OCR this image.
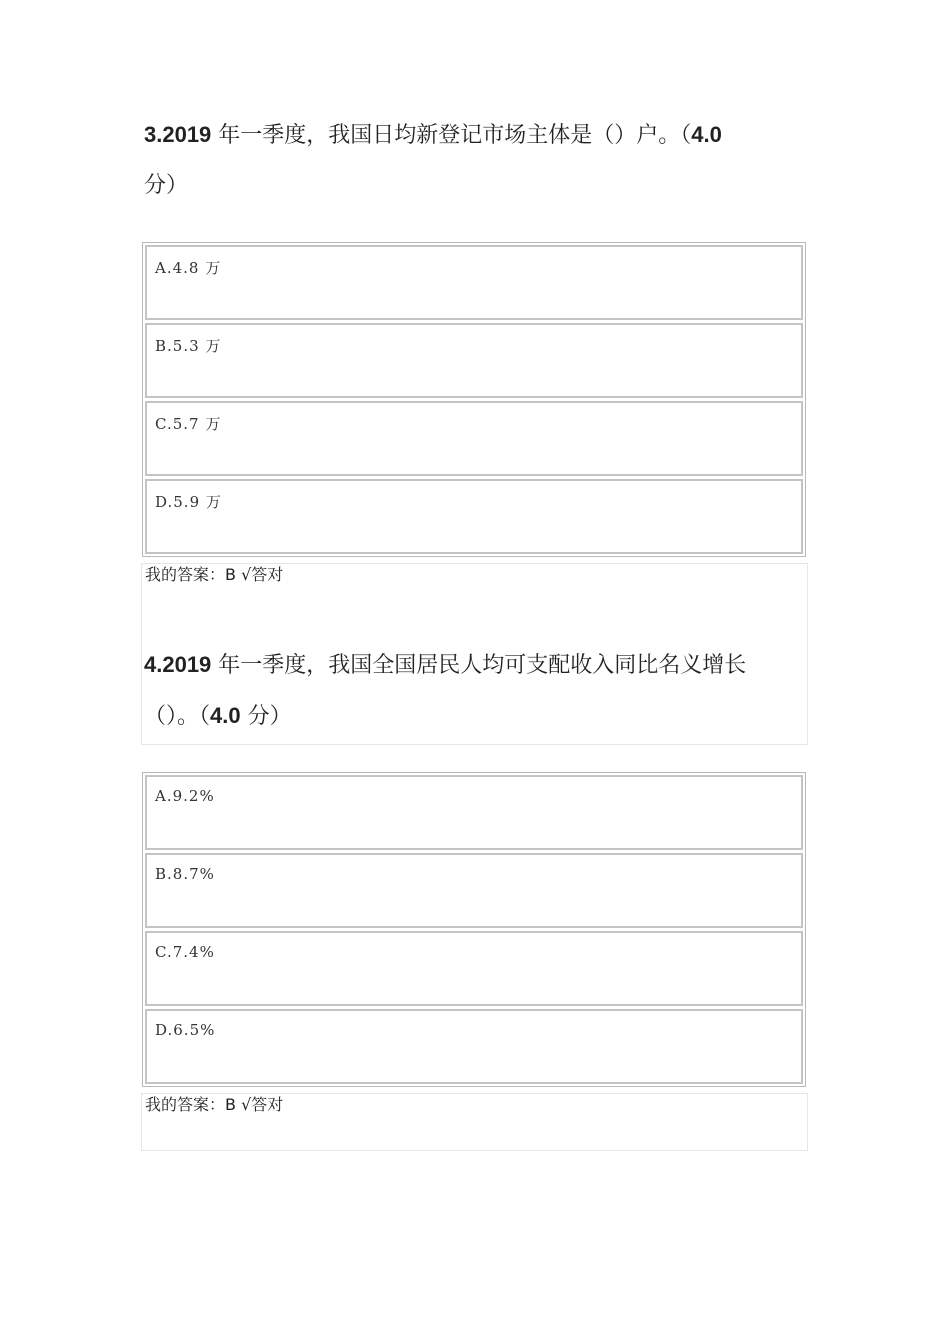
3.2019 年一季度，我国日均新登记市场主体是（）户。（4.0
分）
A.4.8 万
B.5.3 万
C.5.7 万
D.5.9 万
我的答案：B √答对
4.2019 年一季度，我国全国居民人均可支配收入同比名义增长（）。（4.0 分）
A.9.2%
B.8.7%
C.7.4%
D.6.5%
我的答案：B √答对
